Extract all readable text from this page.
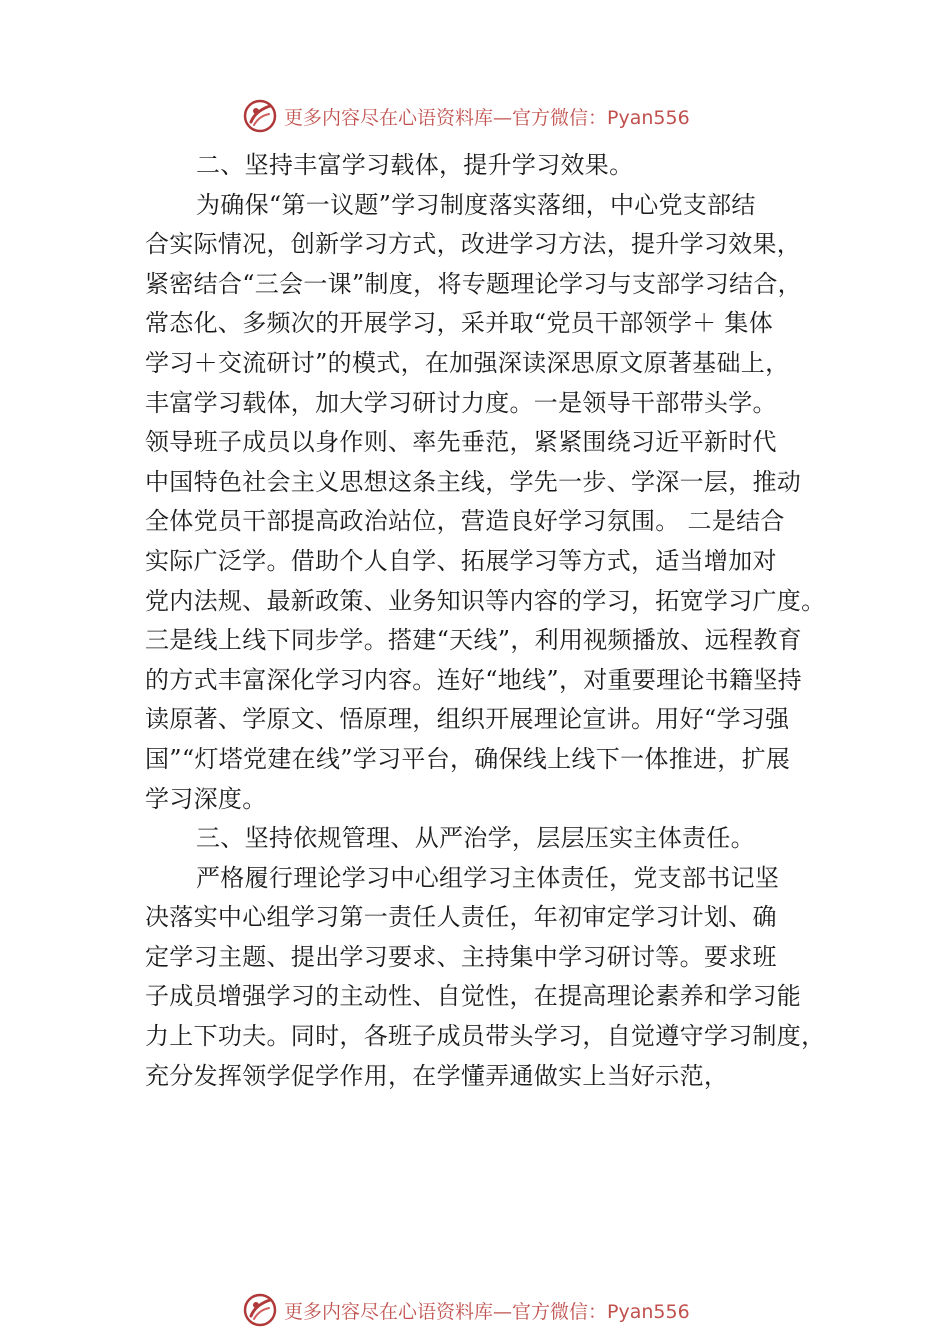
更多内容尽在心语资料库—官方微信：Pyan556
二、坚持丰富学习载体，提升学习效果。
为确保“第一议题”学习制度落实落细，中心党支部结
合实际情况，创新学习方式，改进学习方法，提升学习效果，
紧密结合“三会一课”制度，将专题理论学习与支部学习结合，
常态化、多频次的开展学习，采并取“党员干部领学＋ 集体
学习＋交流研讨”的模式，在加强深读深思原文原著基础上，
丰富学习载体，加大学习研讨力度。一是领导干部带头学。
领导班子成员以身作则、率先垂范，紧紧围绕习近平新时代
中国特色社会主义思想这条主线，学先一步、学深一层，推动
全体党员干部提高政治站位，营造良好学习氛围。 二是结合
实际广泛学。借助个人自学、拓展学习等方式，适当增加对
党内法规、最新政策、业务知识等内容的学习，拓宽学习广度。
三是线上线下同步学。搭建“天线”，利用视频播放、远程教育
的方式丰富深化学习内容。连好“地线”，对重要理论书籍坚持
读原著、学原文、悟原理，组织开展理论宣讲。用好“学习强
国”“灯塔党建在线”学习平台，确保线上线下一体推进，扩展
学习深度。
三、坚持依规管理、从严治学，层层压实主体责任。
严格履行理论学习中心组学习主体责任，党支部书记坚
决落实中心组学习第一责任人责任，年初审定学习计划、确
定学习主题、提出学习要求、主持集中学习研讨等。要求班
子成员增强学习的主动性、自觉性，在提高理论素养和学习能
力上下功夫。同时，各班子成员带头学习，自觉遵守学习制度，
充分发挥领学促学作用，在学懂弄通做实上当好示范，
更多内容尽在心语资料库—官方微信：Pyan556
